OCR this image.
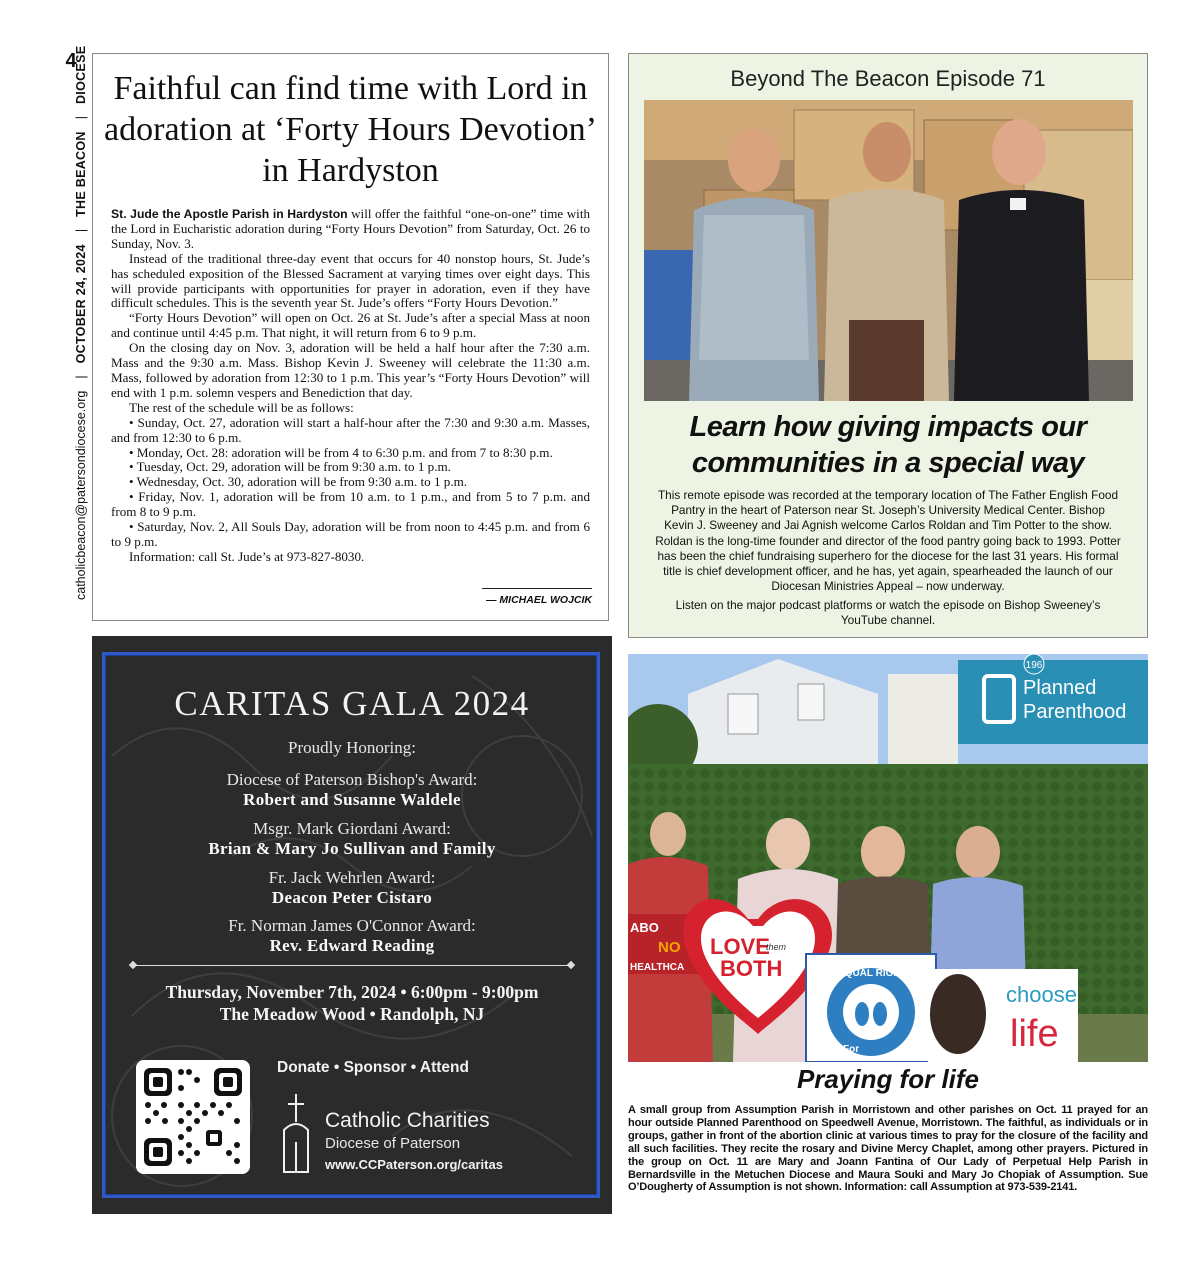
4
catholicbeacon@patersondiocese.org
|
OCTOBER 24, 2024
|
THE BEACON
|
DIOCESE Faithful can find time with Lord in adoration at ‘Forty Hours Devotion’ in Hardyston

St. Jude the Apostle Parish in Hardyston will offer the faithful “one-on-one” time with the Lord in Eucharistic adoration during “Forty Hours Devotion” from Saturday, Oct. 26 to Sunday, Nov. 3.

Instead of the traditional three-day event that occurs for 40 nonstop hours, St. Jude’s has scheduled exposition of the Blessed Sacrament at varying times over eight days. This will provide participants with opportunities for prayer in adoration, even if they have difficult schedules. This is the seventh year St. Jude’s offers “Forty Hours Devotion.”

“Forty Hours Devotion” will open on Oct. 26 at St. Jude’s after a special Mass at noon and continue until 4:45 p.m. That night, it will return from 6 to 9 p.m.

On the closing day on Nov. 3, adoration will be held a half hour after the 7:30 a.m. Mass and the 9:30 a.m. Mass. Bishop Kevin J. Sweeney will celebrate the 11:30 a.m. Mass, followed by adoration from 12:30 to 1 p.m. This year’s “Forty Hours Devotion” will end with 1 p.m. solemn vespers and Benediction that day.

The rest of the schedule will be as follows:

• Sunday, Oct. 27, adoration will start a half-hour after the 7:30 and 9:30 a.m. Masses, and from 12:30 to 6 p.m.

• Monday, Oct. 28: adoration will be from 4 to 6:30 p.m. and from 7 to 8:30 p.m.

• Tuesday, Oct. 29, adoration will be from 9:30 a.m. to 1 p.m.

• Wednesday, Oct. 30, adoration will be from 9:30 a.m. to 1 p.m.

• Friday, Nov. 1, adoration will be from 10 a.m. to 1 p.m., and from 5 to 7 p.m. and from 8 to 9 p.m.

• Saturday, Nov. 2, All Souls Day, adoration will be from noon to 4:45 p.m. and from 6 to 9 p.m.

Information: call St. Jude’s at 973-827-8030.

— MICHAEL WOJCIK
Beyond The Beacon Episode 71
Learn how giving impacts our
communities in a special way
This remote episode was recorded at the temporary location of The Father English Food Pantry in the heart of Paterson near St. Joseph’s University Medical Center. Bishop Kevin J. Sweeney and Jai Agnish welcome Carlos Roldan and Tim Potter to the show. Roldan is the long-time founder and director of the food pantry going back to 1993. Potter has been the chief fundraising superhero for the diocese for the last 31 years. His formal title is chief development officer, and he has, yet again, spearheaded the launch of our Diocesan Ministries Appeal – now underway.
Listen on the major podcast platforms or watch the episode on Bishop Sweeney’s YouTube channel.
CARITAS GALA 2024
Proudly Honoring:
Diocese of Paterson Bishop's Award:
Robert and Susanne Waldele
Msgr. Mark Giordani Award:
Brian & Mary Jo Sullivan and Family
Fr. Jack Wehrlen Award:
Deacon Peter Cistaro
Fr. Norman James O'Connor Award:
Rev. Edward Reading
Thursday, November 7th, 2024 • 6:00pm - 9:00pm
The Meadow Wood • Randolph, NJ
Donate • Sponsor • Attend
Catholic Charities
Diocese of Paterson
www.CCPaterson.org/caritas
196
Planned
Parenthood
ABO
NO
HEALTHCA
LOVE
them
BOTH	EQUAL RIGHTS
For
choose
life
Praying for life
A small group from Assumption Parish in Morristown and other parishes on Oct. 11 prayed for an hour outside Planned Parenthood on Speedwell Avenue, Morristown. The faithful, as individuals or in groups, gather in front of the abortion clinic at various times to pray for the closure of the facility and all such facilities. They recite the rosary and Divine Mercy Chaplet, among other prayers. Pictured in the group on Oct. 11 are Mary and Joann Fantina of Our Lady of Perpetual Help Parish in Bernardsville in the Metuchen Diocese and Maura Souki and Mary Jo Chopiak of Assumption. Sue O’Dougherty of Assumption is not shown. Information: call Assumption at 973-539-2141.
